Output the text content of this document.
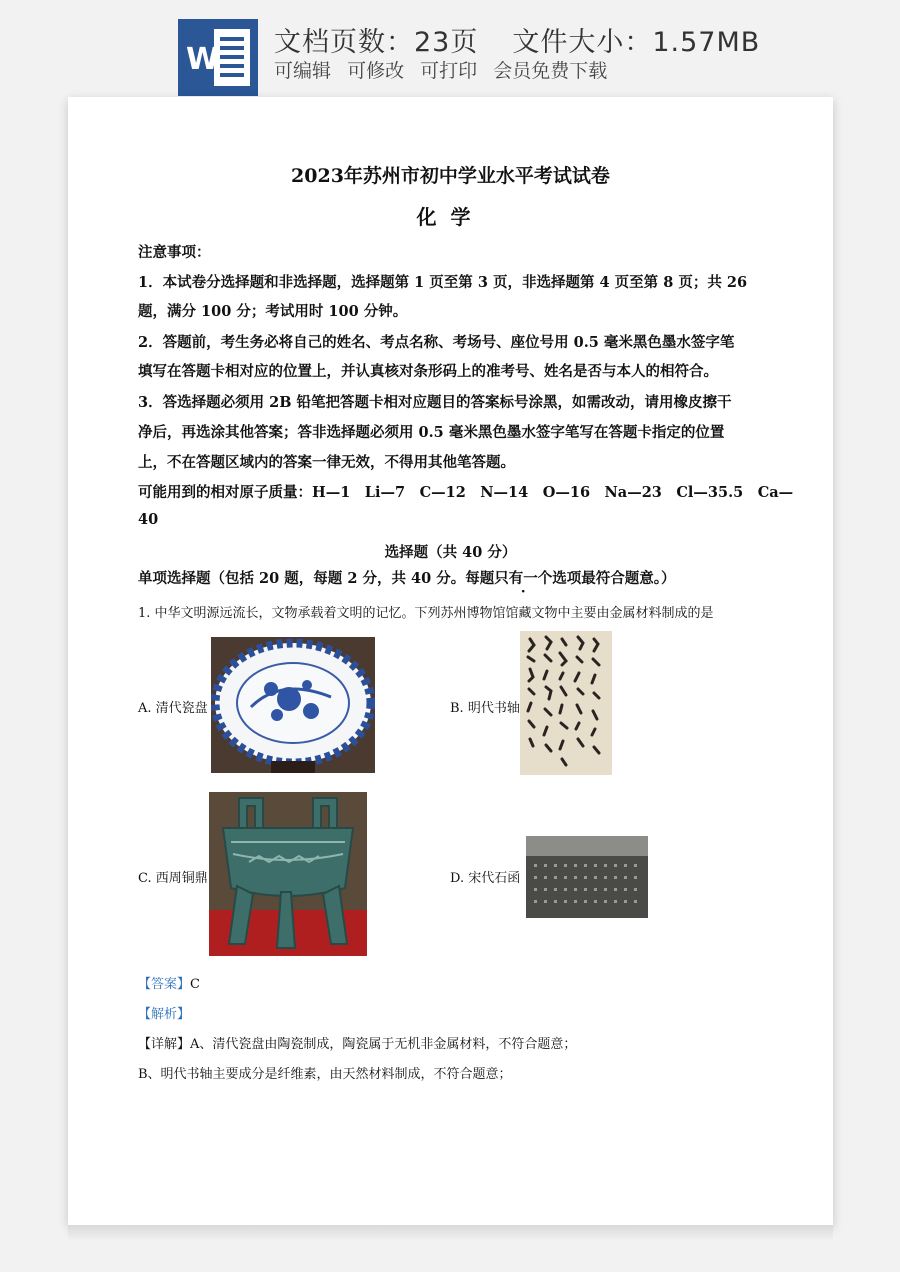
W 文档页数：23页 文件大小：1.57MB
可编辑 可修改 可打印 会员免费下载
2023年苏州市初中学业水平考试试卷
化学
注意事项：
1．本试卷分选择题和非选择题，选择题第 1 页至第 3 页，非选择题第 4 页至第 8 页；共 26
题，满分 100 分；考试用时 100 分钟。
2．答题前，考生务必将自己的姓名、考点名称、考场号、座位号用 0.5 毫米黑色墨水签字笔
填写在答题卡相对应的位置上，并认真核对条形码上的准考号、姓名是否与本人的相符合。
3．答选择题必须用 2B 铅笔把答题卡相对应题目的答案标号涂黑，如需改动，请用橡皮擦干
净后，再选涂其他答案；答非选择题必须用 0.5 毫米黑色墨水签字笔写在答题卡指定的位置
上，不在答题区域内的答案一律无效，不得用其他笔答题。
可能用到的相对原子质量：H—1　Li—7　C—12　N—14　O—16　Na—23　Cl—35.5　Ca—
40
选择题（共 40 分）
单项选择题（包括 20 题，每题 2 分，共 40 分。每题只有一个选项最符合题意。）
1. 中华文明源远流长，文物承载着文明的记忆。下列苏州博物馆馆藏文物中主要由金属材料制成的是
A. 清代瓷盘	B. 明代书轴
C. 西周铜鼎	D. 宋代石函
【答案】C
【解析】
【详解】A、清代瓷盘由陶瓷制成，陶瓷属于无机非金属材料，不符合题意；
B、明代书轴主要成分是纤维素，由天然材料制成，不符合题意；
